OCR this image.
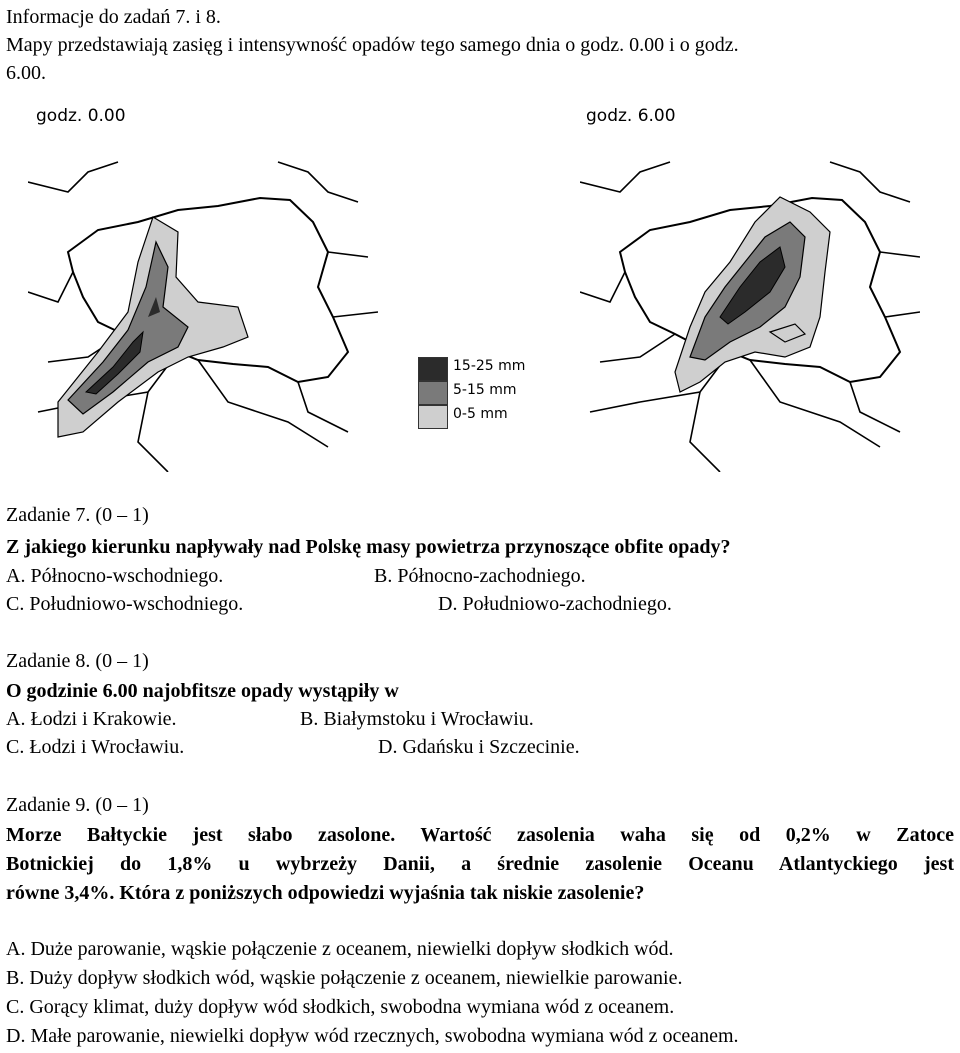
Informacje do zadań 7. i 8.
Mapy przedstawiają zasięg i intensywność opadów tego samego dnia o godz. 0.00 i o godz.
6.00.
godz. 0.00
15-25 mm
5-15 mm
0-5 mm
godz. 6.00
Zadanie 7. (0 – 1)
Z jakiego kierunku napływały nad Polskę masy powietrza przynoszące obfite opady?
A. Północno-wschodniego.	B. Północno-zachodniego.
C. Południowo-wschodniego.	D. Południowo-zachodniego.
Zadanie 8. (0 – 1)
O godzinie 6.00 najobfitsze opady wystąpiły w
A. Łodzi i Krakowie.	B. Białymstoku i Wrocławiu.
C. Łodzi i Wrocławiu.	D. Gdańsku i Szczecinie.
Zadanie 9. (0 – 1)
Morze Bałtyckie jest słabo zasolone. Wartość zasolenia waha się od 0,2% w Zatoce
Botnickiej do 1,8% u wybrzeży Danii, a średnie zasolenie Oceanu Atlantyckiego jest
równe 3,4%. Która z poniższych odpowiedzi wyjaśnia tak niskie zasolenie?
A. Duże parowanie, wąskie połączenie z oceanem, niewielki dopływ słodkich wód.
B. Duży dopływ słodkich wód, wąskie połączenie z oceanem, niewielkie parowanie.
C. Gorący klimat, duży dopływ wód słodkich, swobodna wymiana wód z oceanem.
D. Małe parowanie, niewielki dopływ wód rzecznych, swobodna wymiana wód z oceanem.
